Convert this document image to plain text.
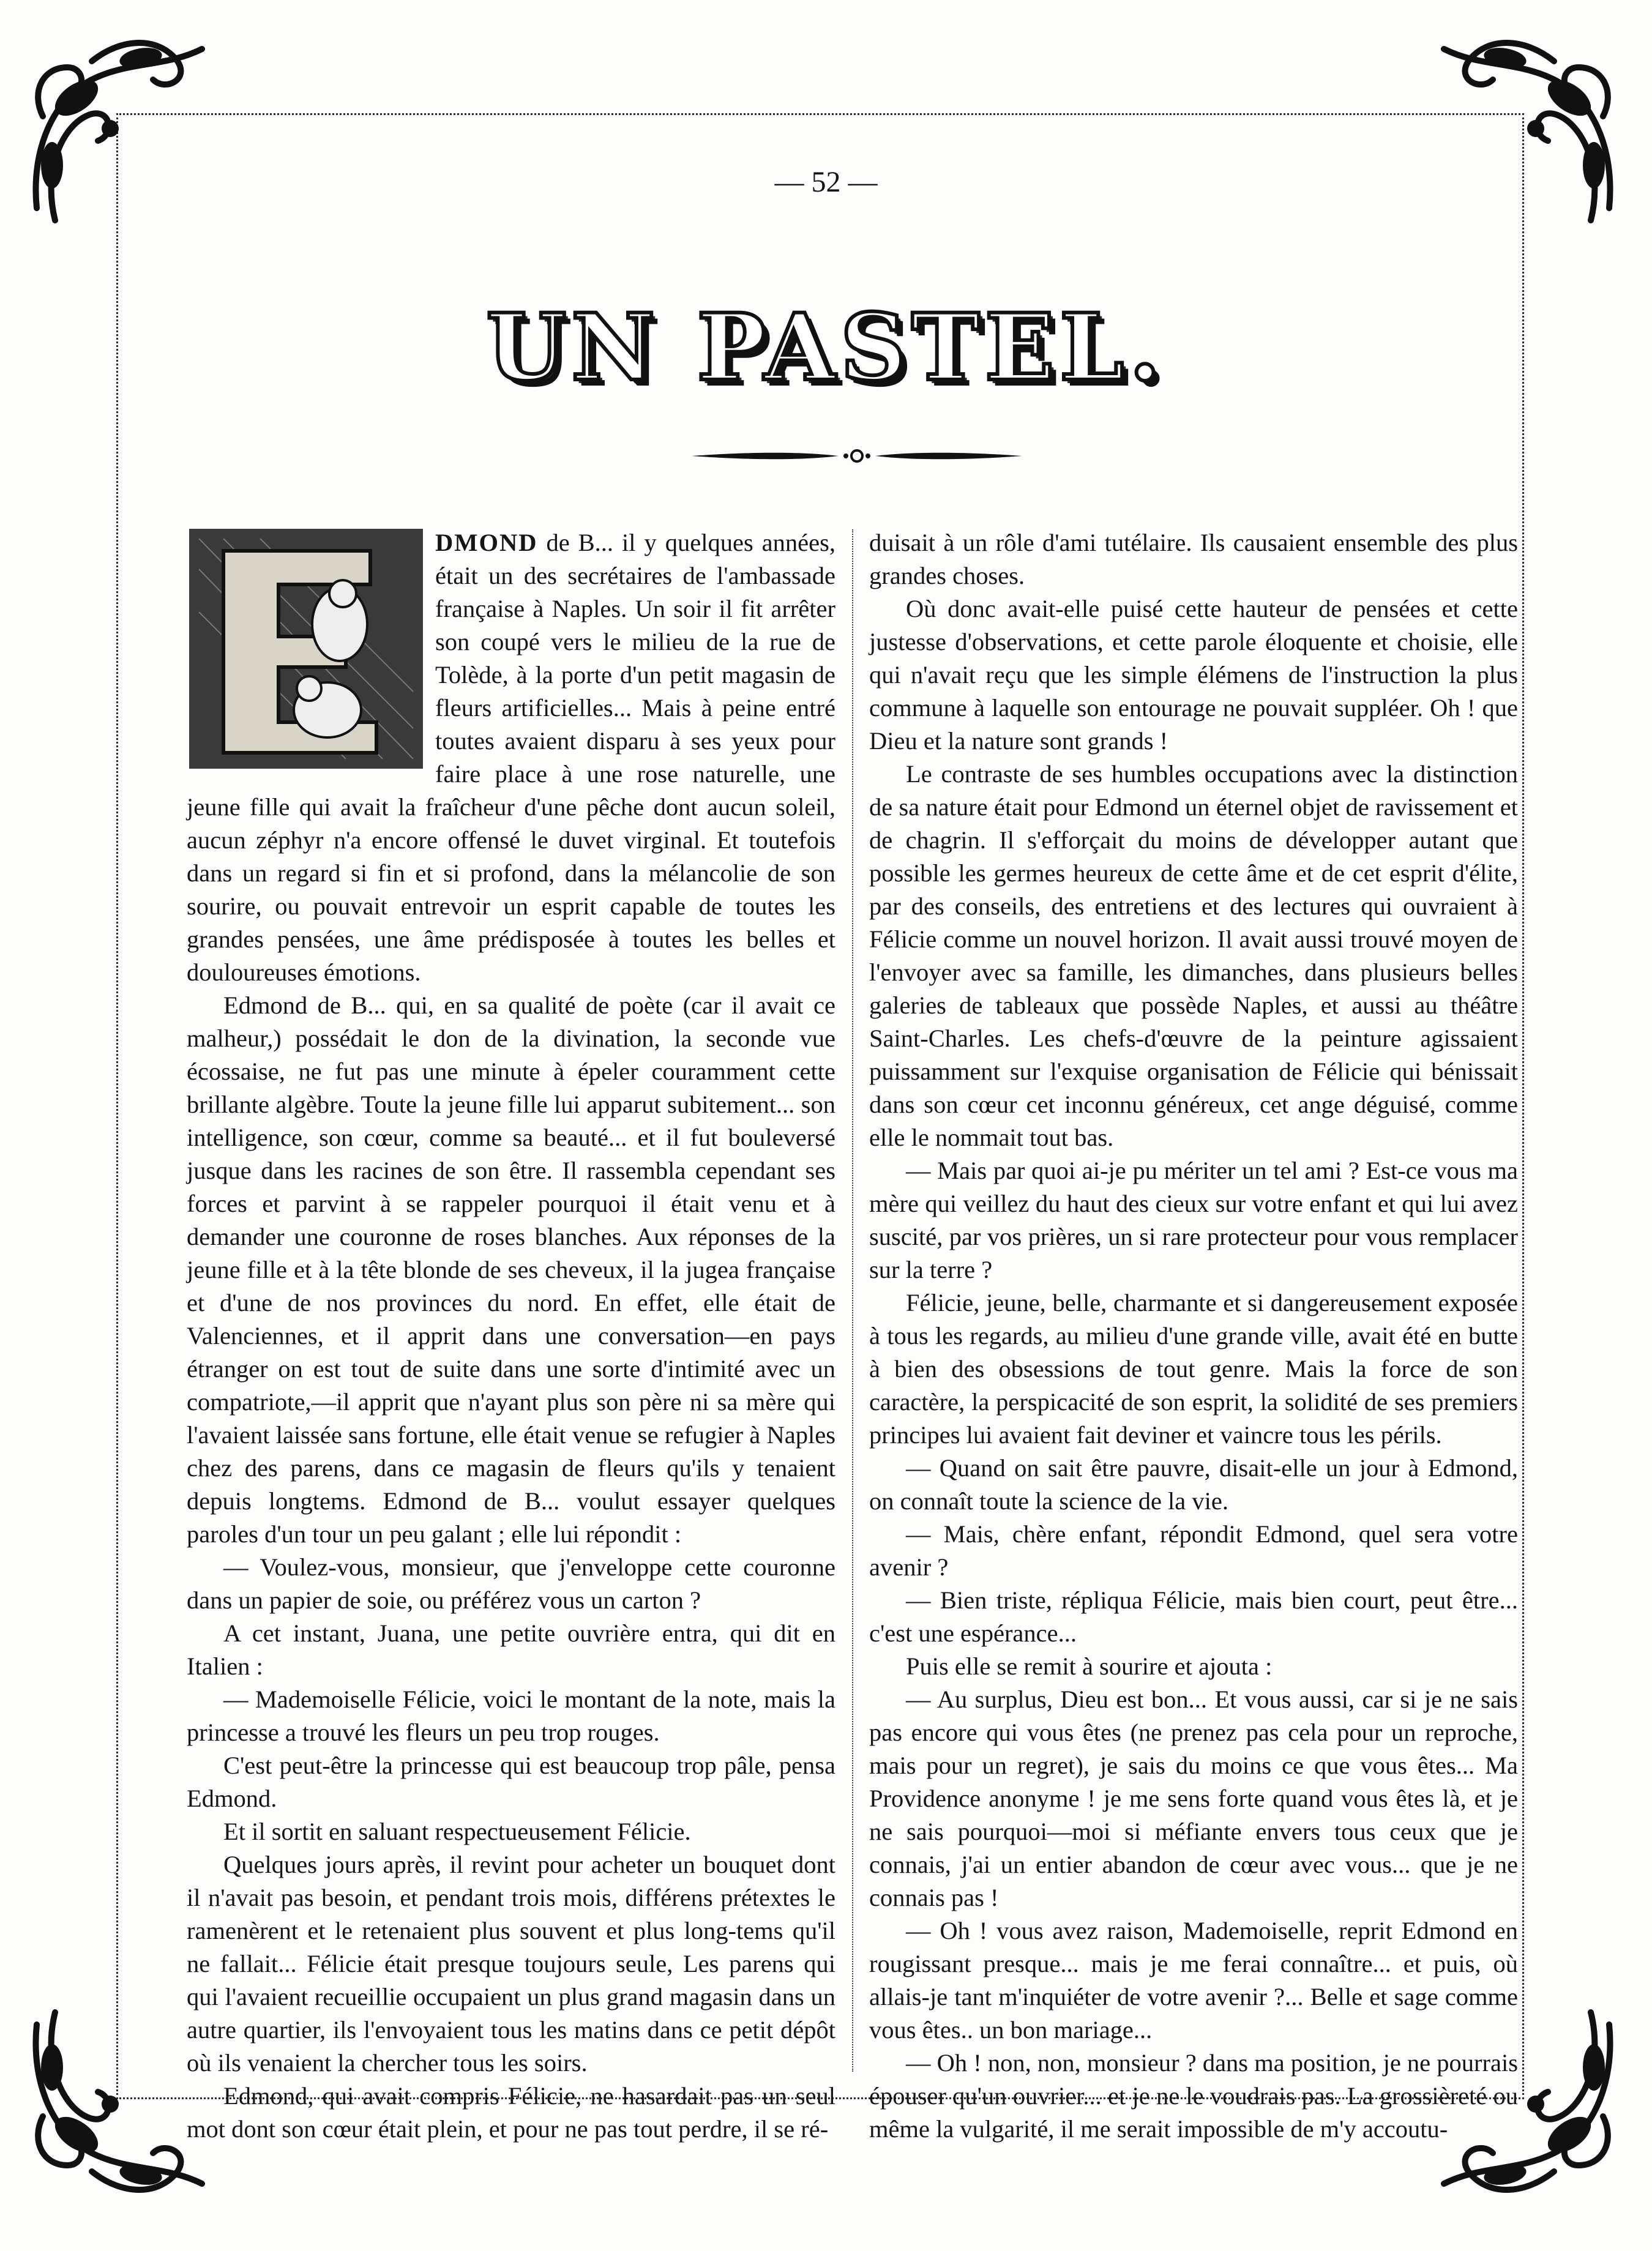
— 52 —
UN PASTEL.
E

DMOND de B... il y quelques années, était un des secrétaires de l'ambassade française à Naples. Un soir il fit arrêter son coupé vers le milieu de la rue de Tolède, à la porte d'un petit magasin de fleurs artificielles... Mais à peine entré toutes avaient disparu à ses yeux pour faire place à une rose naturelle, une jeune fille qui avait la fraîcheur d'une pêche dont aucun soleil, aucun zéphyr n'a encore offensé le duvet virginal. Et toutefois dans un regard si fin et si profond, dans la mélancolie de son sourire, ou pouvait entrevoir un esprit capable de toutes les grandes pensées, une âme prédisposée à toutes les belles et douloureuses émotions.

Edmond de B... qui, en sa qualité de poète (car il avait ce malheur,) possédait le don de la divination, la seconde vue écossaise, ne fut pas une minute à épeler couramment cette brillante algèbre. Toute la jeune fille lui apparut subitement... son intelligence, son cœur, comme sa beauté... et il fut bouleversé jusque dans les racines de son être. Il rassembla cependant ses forces et parvint à se rappeler pourquoi il était venu et à demander une couronne de roses blanches. Aux réponses de la jeune fille et à la tête blonde de ses cheveux, il la jugea française et d'une de nos provinces du nord. En effet, elle était de Valenciennes, et il apprit dans une conversation—en pays étranger on est tout de suite dans une sorte d'intimité avec un compatriote,—il apprit que n'ayant plus son père ni sa mère qui l'avaient laissée sans fortune, elle était venue se refugier à Naples chez des parens, dans ce magasin de fleurs qu'ils y tenaient depuis longtems. Edmond de B... voulut essayer quelques paroles d'un tour un peu galant ; elle lui répondit :

— Voulez-vous, monsieur, que j'enveloppe cette couronne dans un papier de soie, ou préférez vous un carton ?

A cet instant, Juana, une petite ouvrière entra, qui dit en Italien :

— Mademoiselle Félicie, voici le montant de la note, mais la princesse a trouvé les fleurs un peu trop rouges.

C'est peut-être la princesse qui est beaucoup trop pâle, pensa Edmond.

Et il sortit en saluant respectueusement Félicie.

Quelques jours après, il revint pour acheter un bouquet dont il n'avait pas besoin, et pendant trois mois, différens prétextes le ramenèrent et le retenaient plus souvent et plus long-tems qu'il ne fallait... Félicie était presque toujours seule, Les parens qui qui l'avaient recueillie occupaient un plus grand magasin dans un autre quartier, ils l'envoyaient tous les matins dans ce petit dépôt où ils venaient la chercher tous les soirs.

Edmond, qui avait compris Félicie, ne hasardait pas un seul mot dont son cœur était plein, et pour ne pas tout perdre, il se ré-

duisait à un rôle d'ami tutélaire. Ils causaient ensemble des plus grandes choses.

Où donc avait-elle puisé cette hauteur de pensées et cette justesse d'observations, et cette parole éloquente et choisie, elle qui n'avait reçu que les simple élémens de l'instruction la plus commune à laquelle son entourage ne pouvait suppléer. Oh ! que Dieu et la nature sont grands !

Le contraste de ses humbles occupations avec la distinction de sa nature était pour Edmond un éternel objet de ravissement et de chagrin. Il s'efforçait du moins de développer autant que possible les germes heureux de cette âme et de cet esprit d'élite, par des conseils, des entretiens et des lectures qui ouvraient à Félicie comme un nouvel horizon. Il avait aussi trouvé moyen de l'envoyer avec sa famille, les dimanches, dans plusieurs belles galeries de tableaux que possède Naples, et aussi au théâtre Saint-Charles. Les chefs-d'œuvre de la peinture agissaient puissamment sur l'exquise organisation de Félicie qui bénissait dans son cœur cet inconnu généreux, cet ange déguisé, comme elle le nommait tout bas.

— Mais par quoi ai-je pu mériter un tel ami ? Est-ce vous ma mère qui veillez du haut des cieux sur votre enfant et qui lui avez suscité, par vos prières, un si rare protecteur pour vous remplacer sur la terre ?

Félicie, jeune, belle, charmante et si dangereusement exposée à tous les regards, au milieu d'une grande ville, avait été en butte à bien des obsessions de tout genre. Mais la force de son caractère, la perspicacité de son esprit, la solidité de ses premiers principes lui avaient fait deviner et vaincre tous les périls.

— Quand on sait être pauvre, disait-elle un jour à Edmond, on connaît toute la science de la vie.

— Mais, chère enfant, répondit Edmond, quel sera votre avenir ?

— Bien triste, répliqua Félicie, mais bien court, peut être... c'est une espérance...

Puis elle se remit à sourire et ajouta :

— Au surplus, Dieu est bon... Et vous aussi, car si je ne sais pas encore qui vous êtes (ne prenez pas cela pour un reproche, mais pour un regret), je sais du moins ce que vous êtes... Ma Providence anonyme ! je me sens forte quand vous êtes là, et je ne sais pourquoi—moi si méfiante envers tous ceux que je connais, j'ai un entier abandon de cœur avec vous... que je ne connais pas !

— Oh ! vous avez raison, Mademoiselle, reprit Edmond en rougissant presque... mais je me ferai connaître... et puis, où allais-je tant m'inquiéter de votre avenir ?... Belle et sage comme vous êtes.. un bon mariage...

— Oh ! non, non, monsieur ? dans ma position, je ne pourrais épouser qu'un ouvrier... et je ne le voudrais pas. La grossièreté ou même la vulgarité, il me serait impossible de m'y accoutu-
